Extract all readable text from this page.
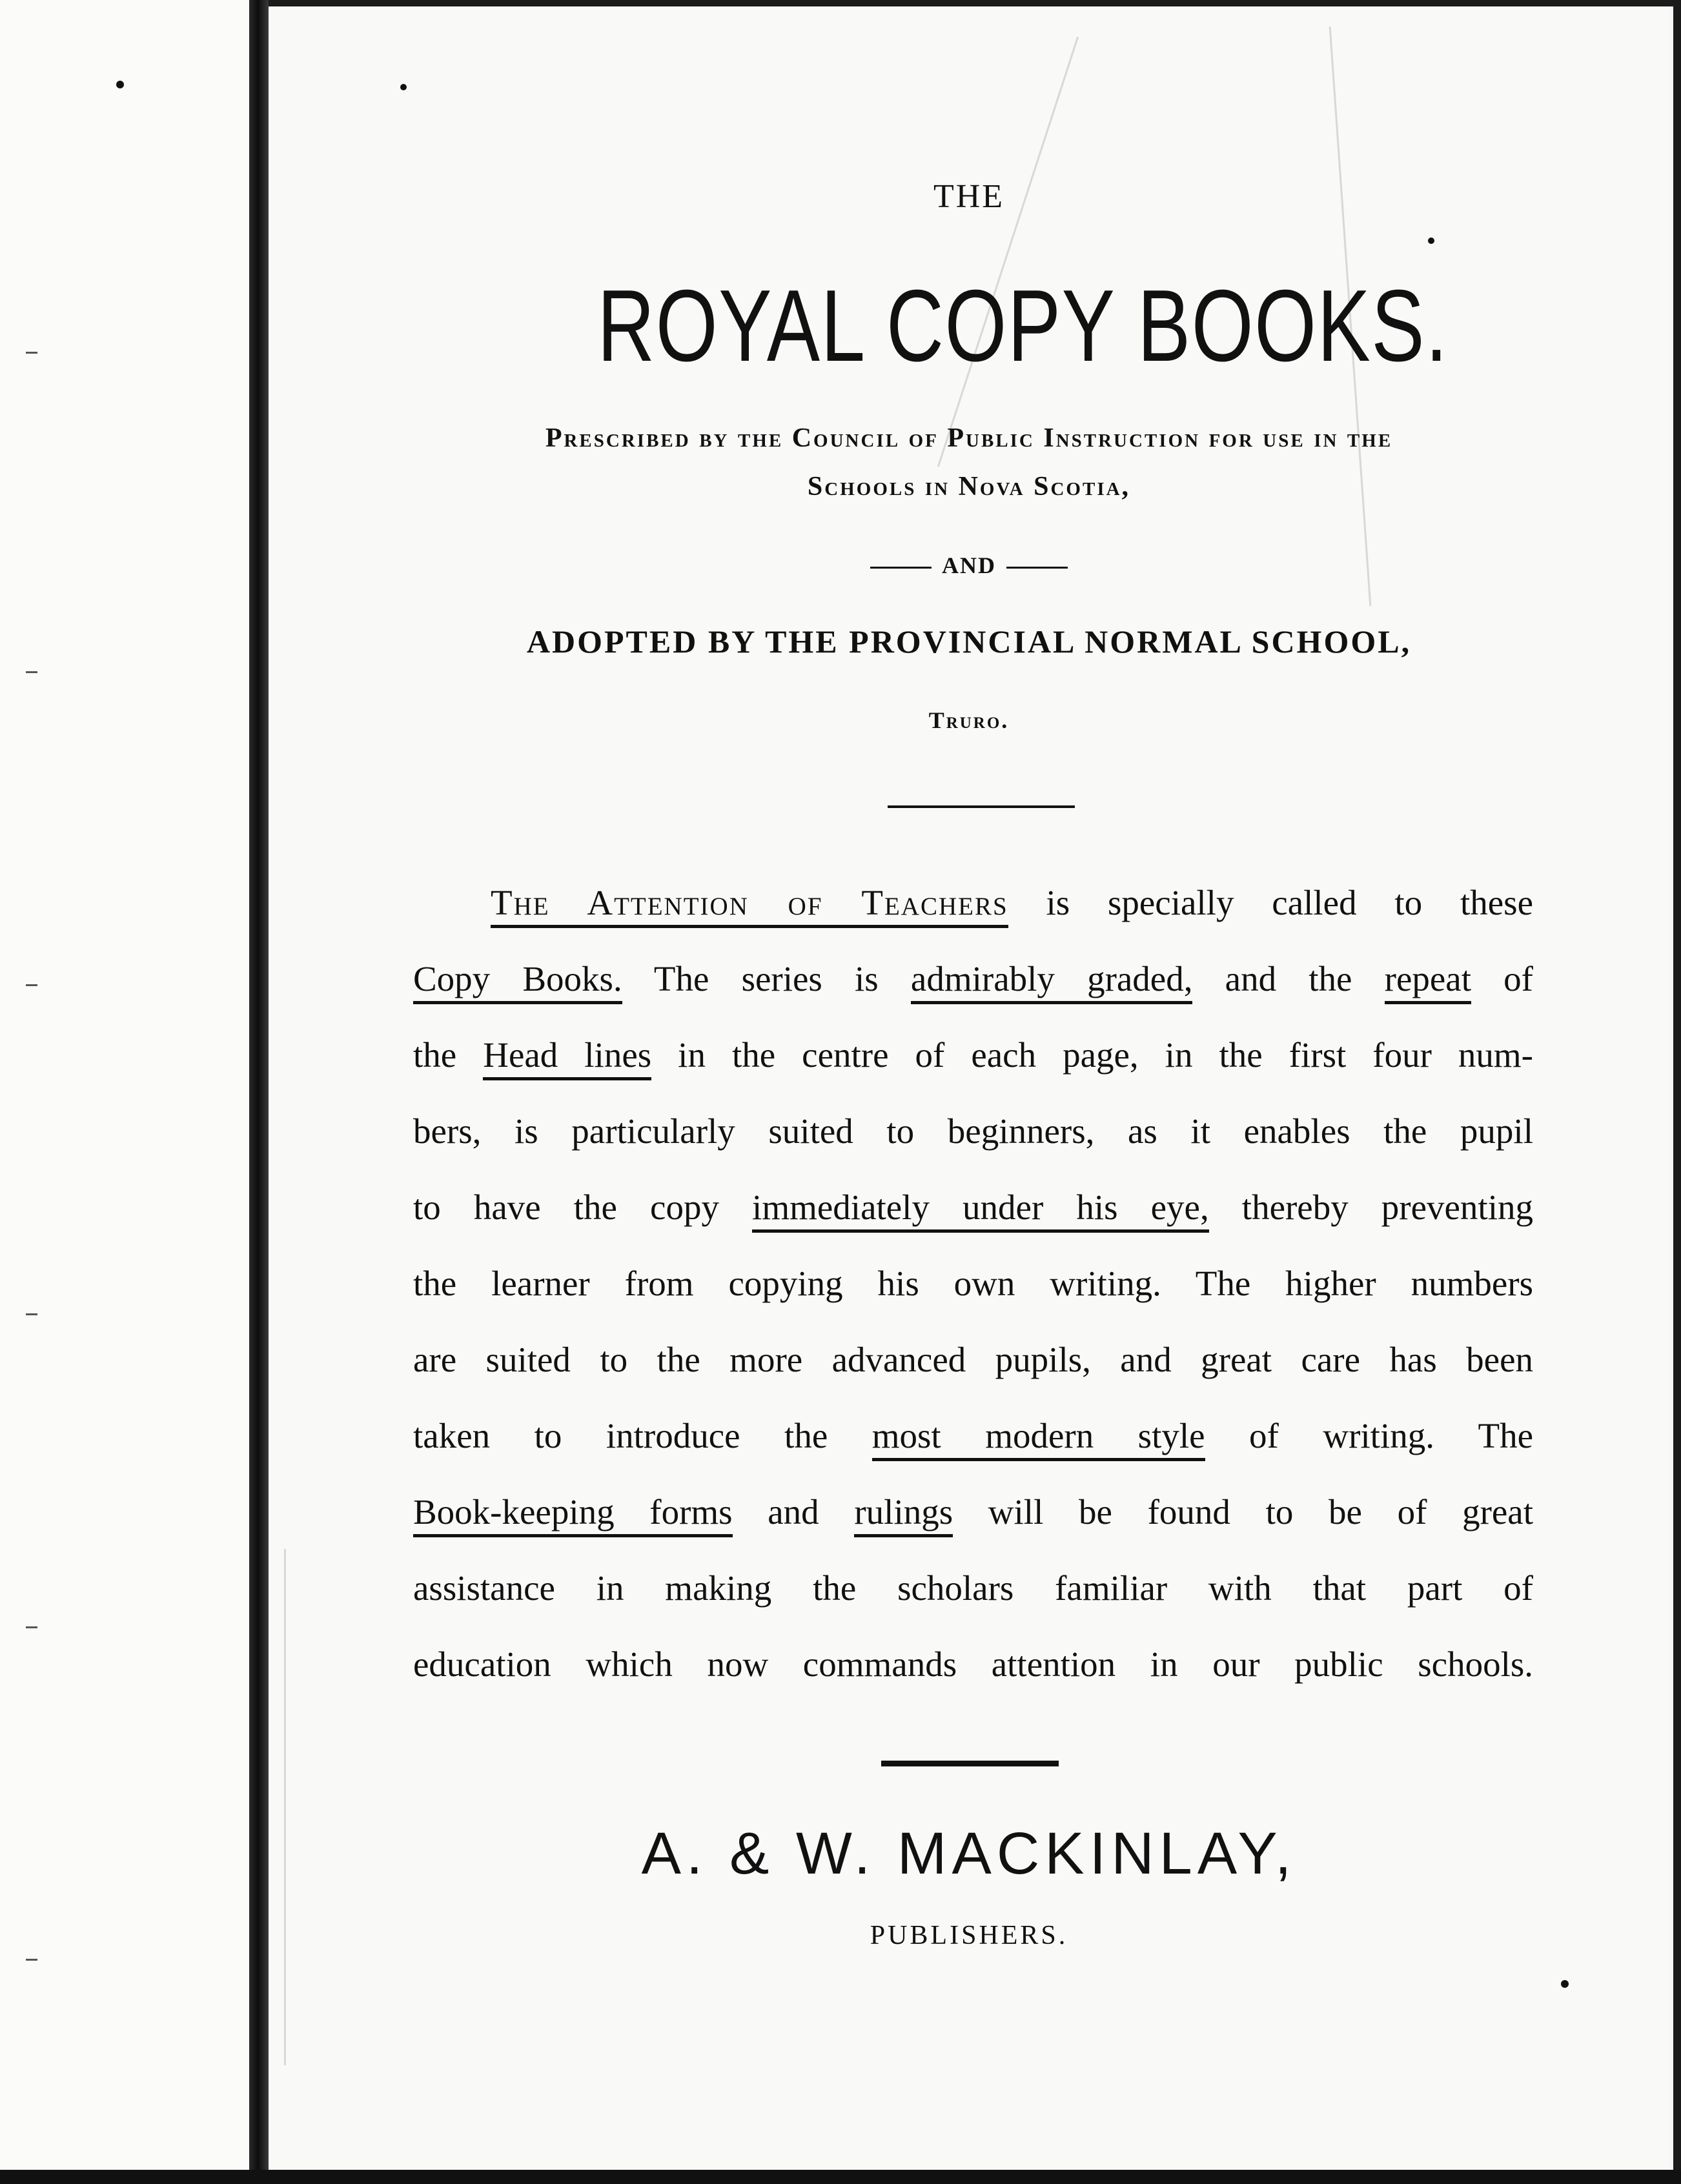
THE
ROYAL COPY BOOKS.
Prescribed by the Council of Public Instruction for use in the
Schools in Nova Scotia,
AND
ADOPTED BY THE PROVINCIAL NORMAL SCHOOL,
Truro.
The Attention of Teachers is specially called to these
Copy Books. The series is admirably graded, and the repeat of
the Head lines in the centre of each page, in the first four num-
bers, is particularly suited to beginners, as it enables the pupil
to have the copy immediately under his eye, thereby preventing
the learner from copying his own writing. The higher numbers
are suited to the more advanced pupils, and great care has been
taken to introduce the most modern style of writing. The
Book-keeping forms and rulings will be found to be of great
assistance in making the scholars familiar with that part of
education which now commands attention in our public schools.
A. & W. MACKINLAY,
PUBLISHERS.
